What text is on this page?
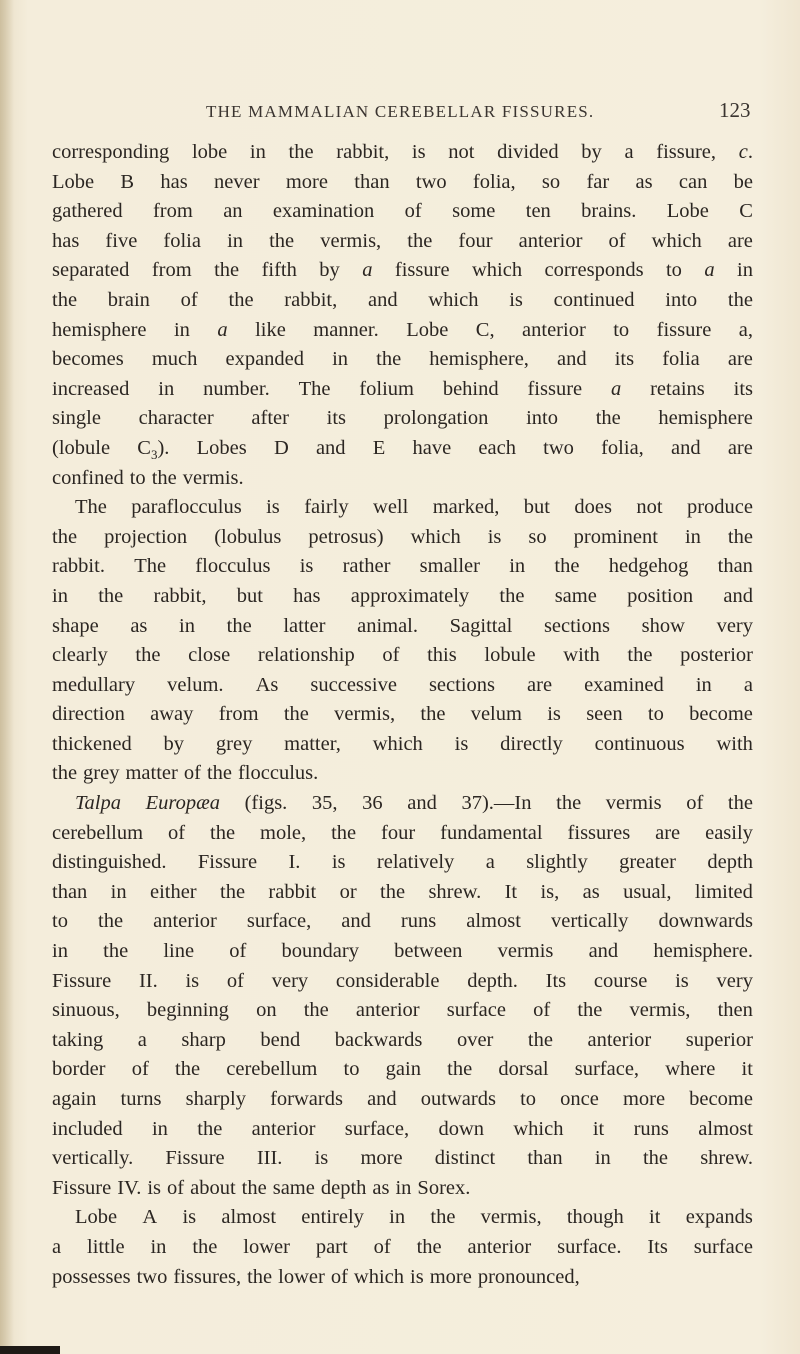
THE MAMMALIAN CEREBELLAR FISSURES.	123
corresponding lobe in the rabbit, is not divided by a fissure, c.
Lobe B has never more than two folia, so far as can be
gathered from an examination of some ten brains. Lobe C
has five folia in the vermis, the four anterior of which are
separated from the fifth by a fissure which corresponds to a in
the brain of the rabbit, and which is continued into the
hemisphere in a like manner. Lobe C, anterior to fissure a,
becomes much expanded in the hemisphere, and its folia are
increased in number. The folium behind fissure a retains its
single character after its prolongation into the hemisphere
(lobule $C_3$). Lobes D and E have each two folia, and are
confined to the vermis.
The paraflocculus is fairly well marked, but does not produce
the projection (lobulus petrosus) which is so prominent in the
rabbit. The flocculus is rather smaller in the hedgehog than
in the rabbit, but has approximately the same position and
shape as in the latter animal. Sagittal sections show very
clearly the close relationship of this lobule with the posterior
medullary velum. As successive sections are examined in a
direction away from the vermis, the velum is seen to become
thickened by grey matter, which is directly continuous with
the grey matter of the flocculus.
Talpa Europæa (figs. 35, 36 and 37).—In the vermis of the
cerebellum of the mole, the four fundamental fissures are easily
distinguished. Fissure I. is relatively a slightly greater depth
than in either the rabbit or the shrew. It is, as usual, limited
to the anterior surface, and runs almost vertically downwards
in the line of boundary between vermis and hemisphere.
Fissure II. is of very considerable depth. Its course is very
sinuous, beginning on the anterior surface of the vermis, then
taking a sharp bend backwards over the anterior superior
border of the cerebellum to gain the dorsal surface, where it
again turns sharply forwards and outwards to once more become
included in the anterior surface, down which it runs almost
vertically. Fissure III. is more distinct than in the shrew.
Fissure IV. is of about the same depth as in Sorex.
Lobe A is almost entirely in the vermis, though it expands
a little in the lower part of the anterior surface. Its surface
possesses two fissures, the lower of which is more pronounced,
